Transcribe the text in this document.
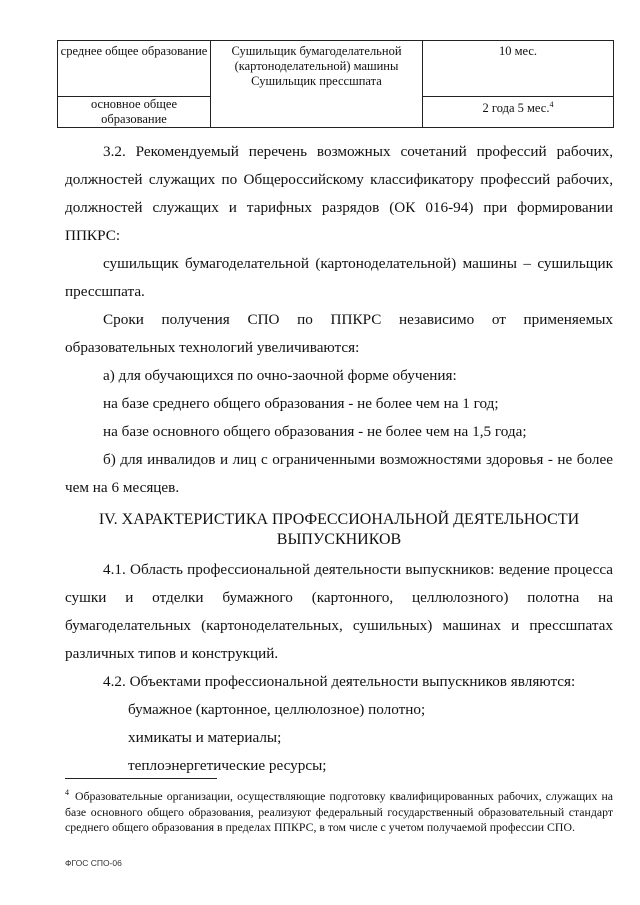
среднее общее образование	Сушильщик бумагоделательной (картоноделательной) машины Сушильщик прессшпата	10 мес.
основное общее образование		2 года 5 мес.$^4$

3.2. Рекомендуемый перечень возможных сочетаний профессий рабочих, должностей служащих по Общероссийскому классификатору профессий рабочих, должностей служащих и тарифных разрядов (ОК 016-94) при формировании ППКРС:

сушильщик бумагоделательной (картоноделательной) машины – сушильщик прессшпата.

Сроки получения СПО по ППКРС независимо от применяемых образовательных технологий увеличиваются:

а) для обучающихся по очно-заочной форме обучения:

на базе среднего общего образования - не более чем на 1 год;

на базе основного общего образования - не более чем на 1,5 года;

б) для инвалидов и лиц с ограниченными возможностями здоровья - не более чем на 6 месяцев.

IV. ХАРАКТЕРИСТИКА ПРОФЕССИОНАЛЬНОЙ ДЕЯТЕЛЬНОСТИ
ВЫПУСКНИКОВ

4.1. Область профессиональной деятельности выпускников: ведение процесса сушки и отделки бумажного (картонного, целлюлозного) полотна на бумагоделательных (картоноделательных, сушильных) машинах и прессшпатах различных типов и конструкций.

4.2. Объектами профессиональной деятельности выпускников являются:

бумажное (картонное, целлюлозное) полотно;

химикаты и материалы;

теплоэнергетические ресурсы;

$^4$ Образовательные организации, осуществляющие подготовку квалифицированных рабочих, служащих на базе основного общего образования, реализуют федеральный государственный образовательный стандарт среднего общего образования в пределах ППКРС, в том числе с учетом получаемой профессии СПО.

ФГОС СПО-06
